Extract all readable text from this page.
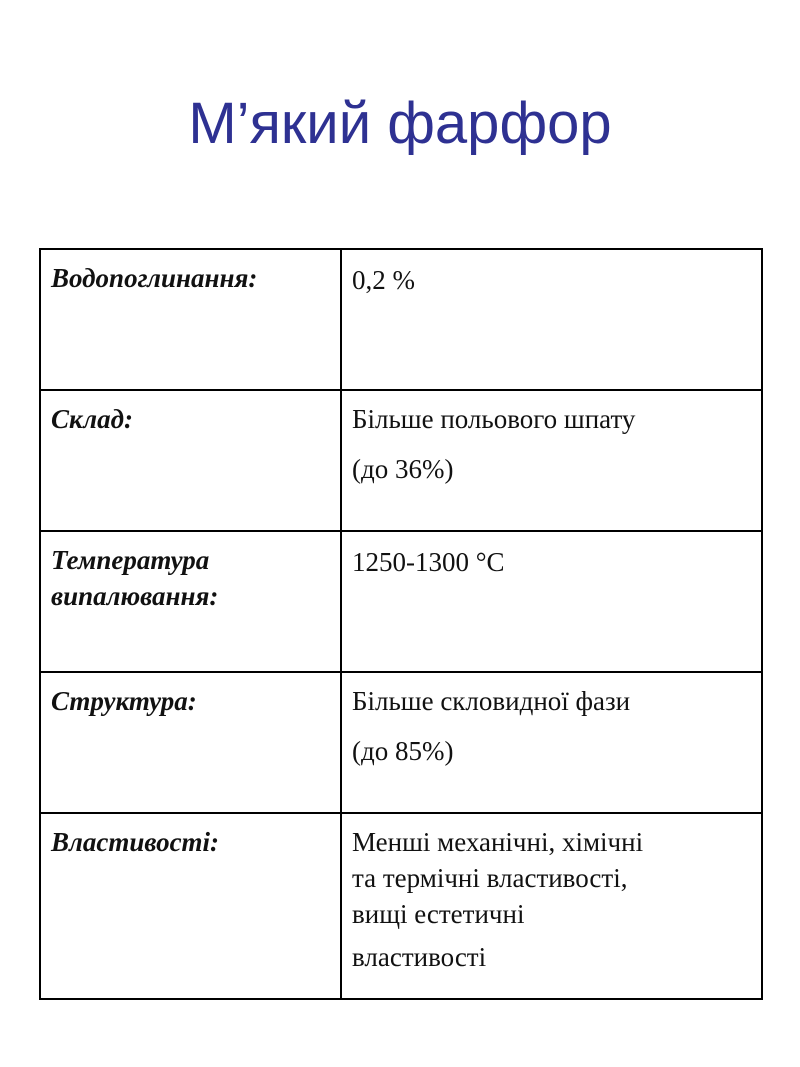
М’який фарфор
Водопоглинання:	0,2 %

Склад:	Більше польового шпату
(до 36%)

Температура
випалювання:	1250-1300 °С

Структура:	Більше скловидної фази
(до 85%)

Властивості:	Менші механічні, хімічні
та термічні властивості,
вищі естетичні
властивості
